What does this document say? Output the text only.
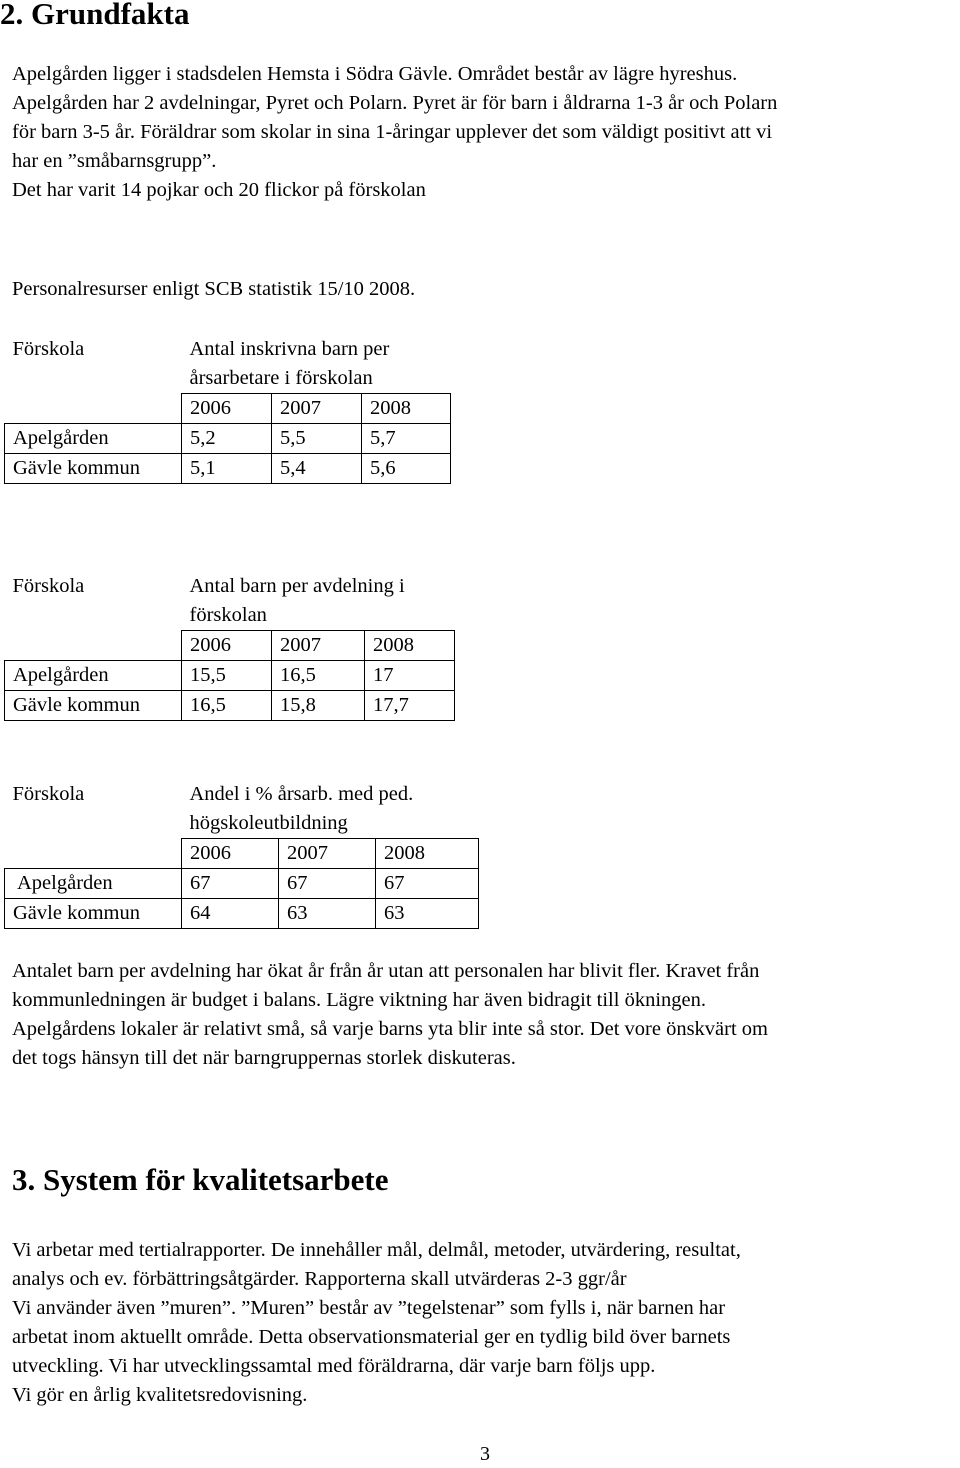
2. Grundfakta
Apelgården ligger i stadsdelen Hemsta i Södra Gävle. Området består av lägre hyreshus.
Apelgården har 2 avdelningar, Pyret och Polarn. Pyret är för barn i åldrarna 1-3 år och Polarn
för barn 3-5 år. Föräldrar som skolar in sina 1-åringar upplever det som väldigt positivt att vi
har en ”småbarnsgrupp”.
Det har varit 14 pojkar och 20 flickor på förskolan
Personalresurser enligt SCB statistik 15/10 2008.
Förskola	Antal inskrivna barn per årsarbetare i förskolan		
	2006	2007	2008
Apelgården	5,2	5,5	5,7
Gävle kommun	5,1	5,4	5,6
Förskola	Antal barn per avdelning i förskolan		
	2006	2007	2008
Apelgården	15,5	16,5	17
Gävle kommun	16,5	15,8	17,7
Förskola	Andel i % årsarb. med ped. högskoleutbildning		
	2006	2007	2008
Apelgården	67	67	67
Gävle kommun	64	63	63
Antalet barn per avdelning har ökat år från år utan att personalen har blivit fler. Kravet från
kommunledningen är budget i balans. Lägre viktning har även bidragit till ökningen.
Apelgårdens lokaler är relativt små, så varje barns yta blir inte så stor. Det vore önskvärt om
det togs hänsyn till det när barngruppernas storlek diskuteras.
3. System för kvalitetsarbete
Vi arbetar med tertialrapporter. De innehåller mål, delmål, metoder, utvärdering, resultat,
analys och ev. förbättringsåtgärder. Rapporterna skall utvärderas 2-3 ggr/år
Vi använder även ”muren”. ”Muren” består av ”tegelstenar” som fylls i, när barnen har
arbetat inom aktuellt område. Detta observationsmaterial ger en tydlig bild över barnets
utveckling. Vi har utvecklingssamtal med föräldrarna, där varje barn följs upp.
Vi gör en årlig kvalitetsredovisning.
3
